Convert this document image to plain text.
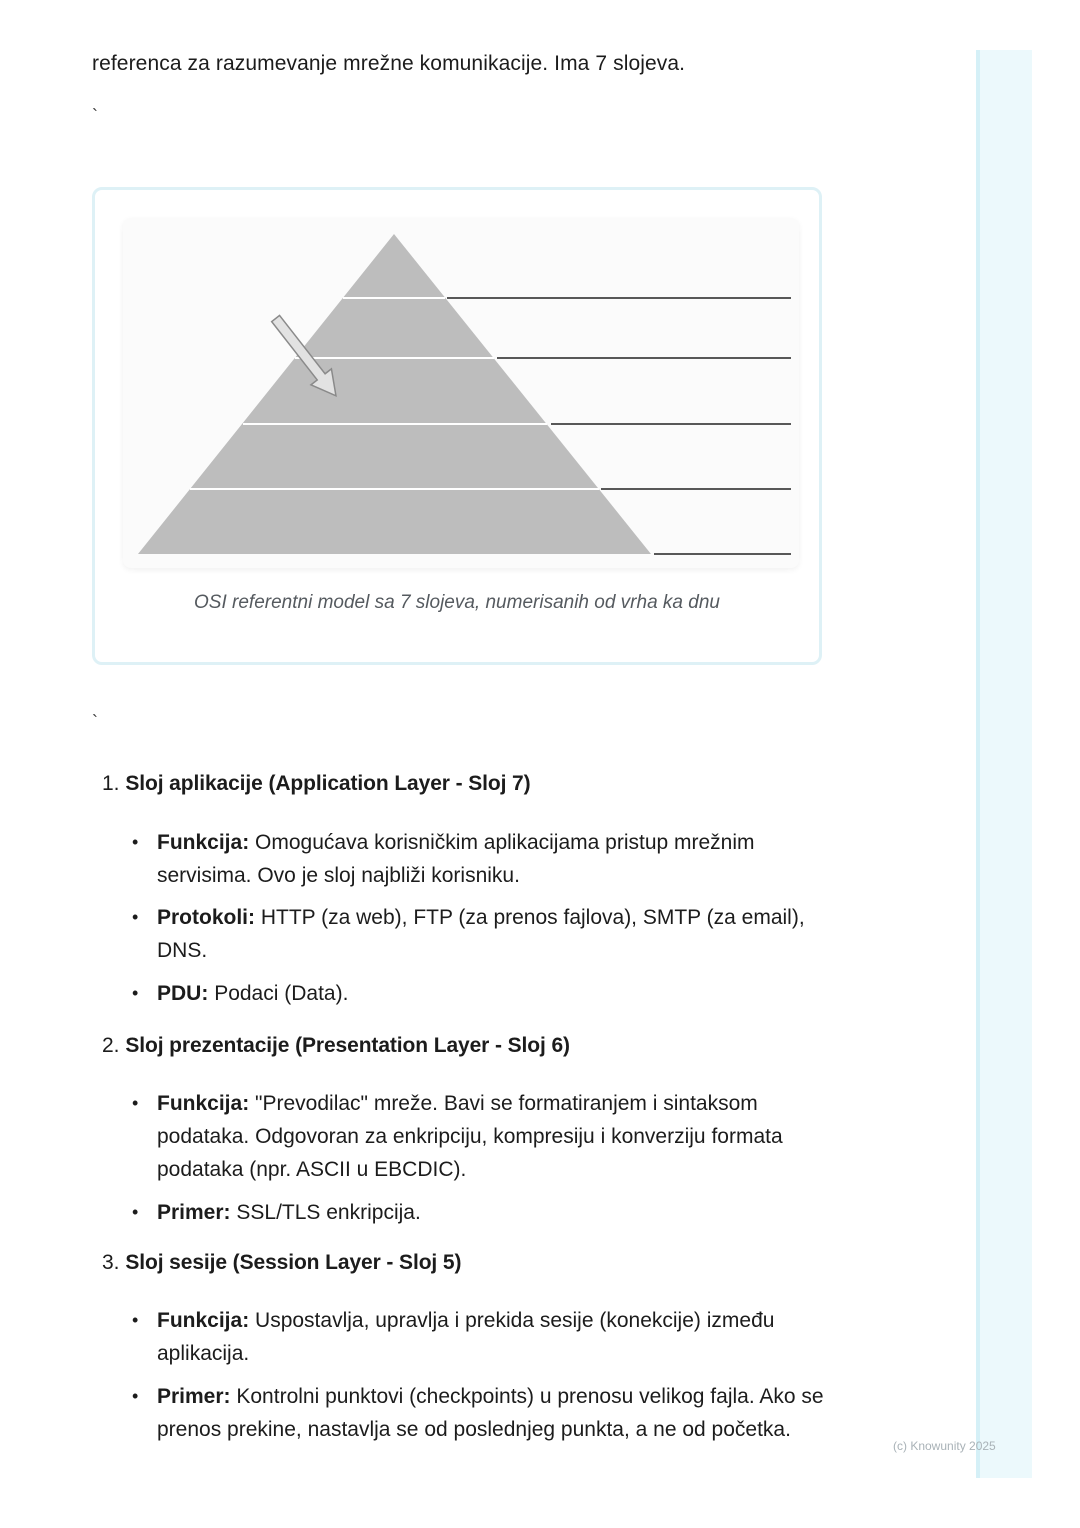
referenca za razumevanje mrežne komunikacije. Ima 7 slojeva.
`
OSI referentni model sa 7 slojeva, numerisanih od vrha ka dnu
`
1. Sloj aplikacije (Application Layer - Sloj 7)
• Funkcija: Omogućava korisničkim aplikacijama pristup mrežnim servisima. Ovo je sloj najbliži korisniku.
• Protokoli: HTTP (za web), FTP (za prenos fajlova), SMTP (za email), DNS.
• PDU: Podaci (Data).
2. Sloj prezentacije (Presentation Layer - Sloj 6)
• Funkcija: "Prevodilac" mreže. Bavi se formatiranjem i sintaksom podataka. Odgovoran za enkripciju, kompresiju i konverziju formata podataka (npr. ASCII u EBCDIC).
• Primer: SSL/TLS enkripcija.
3. Sloj sesije (Session Layer - Sloj 5)
• Funkcija: Uspostavlja, upravlja i prekida sesije (konekcije) između aplikacija.
• Primer: Kontrolni punktovi (checkpoints) u prenosu velikog fajla. Ako se prenos prekine, nastavlja se od poslednjeg punkta, a ne od početka.
(c) Knowunity 2025
